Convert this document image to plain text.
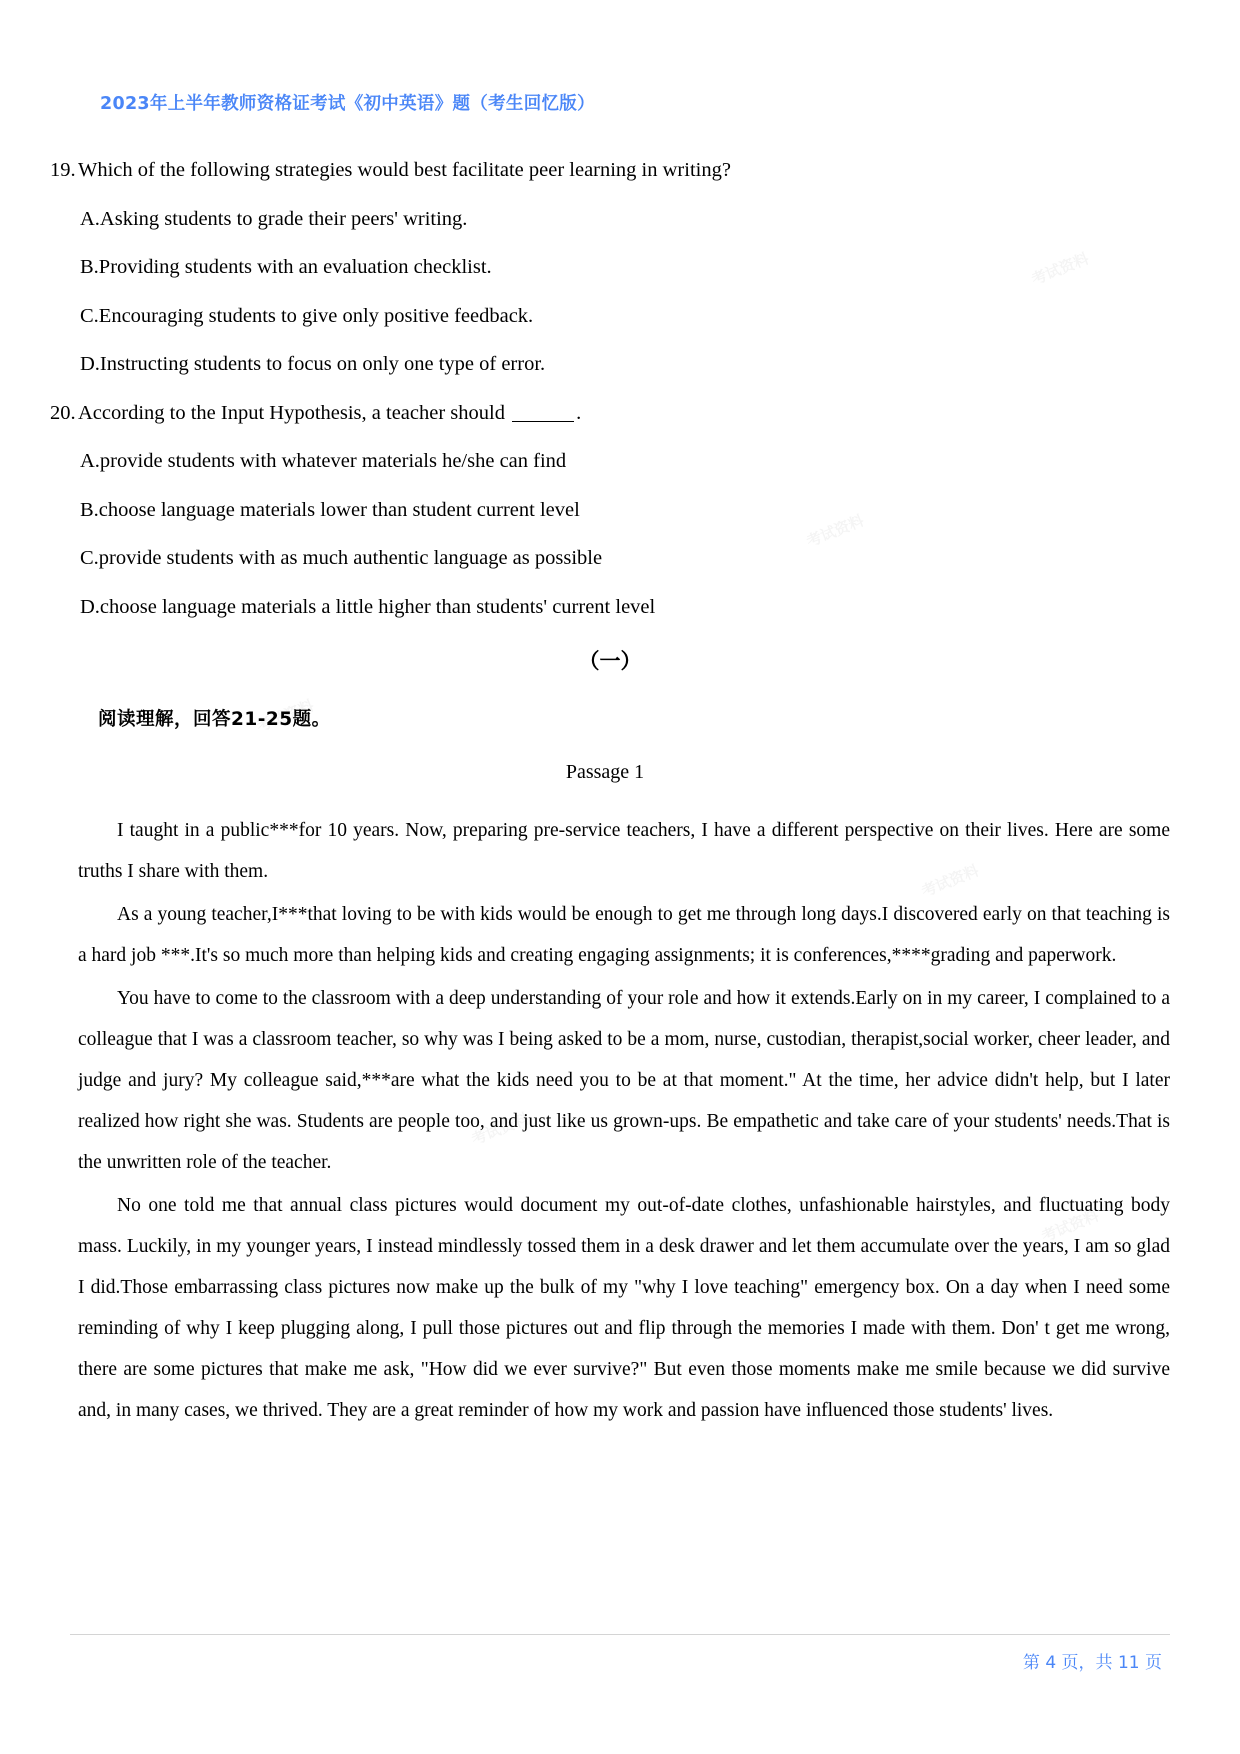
2023年上半年教师资格证考试《初中英语》题（考生回忆版）
19. Which of the following strategies would best facilitate peer learning in writing?
A.Asking students to grade their peers' writing.
B.Providing students with an evaluation checklist.
C.Encouraging students to give only positive feedback.
D.Instructing students to focus on only one type of error.
20. According to the Input Hypothesis, a teacher should	.
A.provide students with whatever materials he/she can find
B.choose language materials lower than student current level
C.provide students with as much authentic language as possible
D.choose language materials a little higher than students' current level
（一）
阅读理解，回答21-25题。
Passage 1

I taught in a public***for 10 years. Now, preparing pre-service teachers, I have a different perspective on their lives. Here are some truths I share with them.

As a young teacher,I***that loving to be with kids would be enough to get me through long days.I discovered early on that teaching is a hard job ***.It's so much more than helping kids and creating engaging assignments; it is conferences,****grading and paperwork.

You have to come to the classroom with a deep understanding of your role and how it extends.Early on in my career, I complained to a colleague that I was a classroom teacher, so why was I being asked to be a mom, nurse, custodian, therapist,social worker, cheer leader, and judge and jury? My colleague said,***are what the kids need you to be at that moment." At the time, her advice didn't help, but I later realized how right she was. Students are people too, and just like us grown-ups. Be empathetic and take care of your students' needs.That is the unwritten role of the teacher.

No one told me that annual class pictures would document my out-of-date clothes, unfashionable hairstyles, and fluctuating body mass. Luckily, in my younger years, I instead mindlessly tossed them in a desk drawer and let them accumulate over the years, I am so glad I did.Those embarrassing class pictures now make up the bulk of my "why I love teaching" emergency box. On a day when I need some reminding of why I keep plugging along, I pull those pictures out and flip through the memories I made with them. Don' t get me wrong, there are some pictures that make me ask, "How did we ever survive?" But even those moments make me smile because we did survive and, in many cases, we thrived. They are a great reminder of how my work and passion have influenced those students' lives.

第 4 页，共 11 页
